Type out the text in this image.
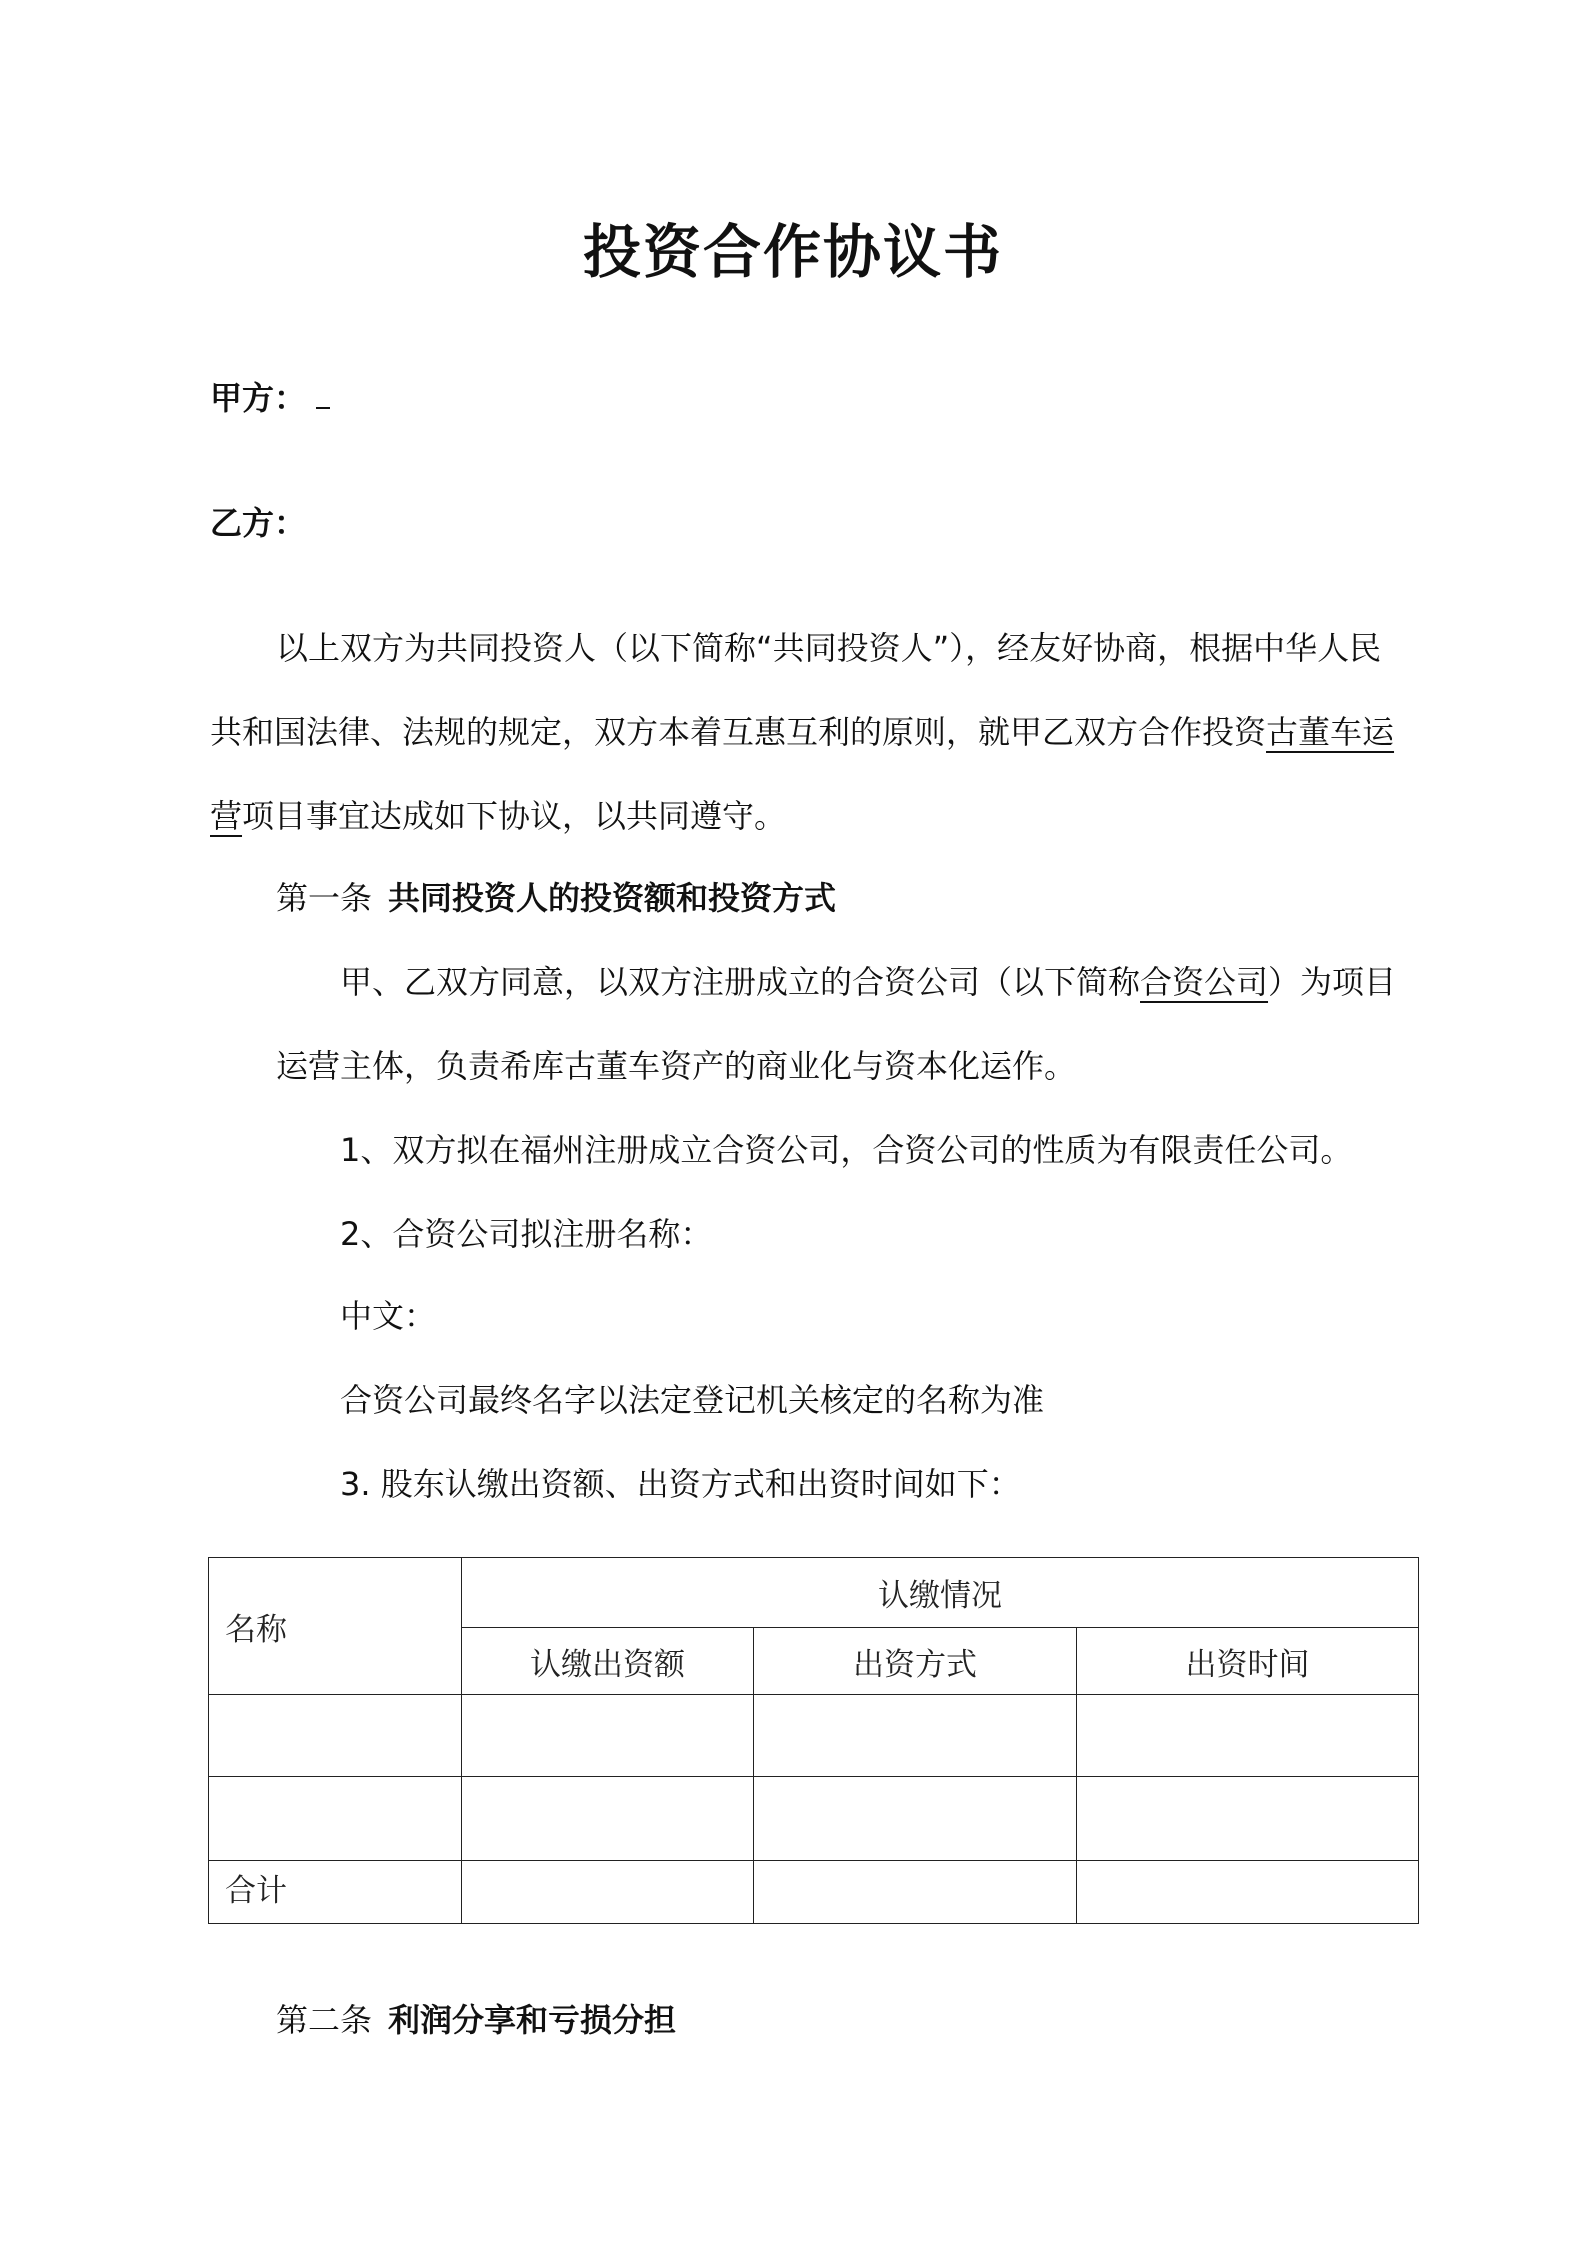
投资合作协议书
甲方：
乙方：
以上双方为共同投资人（以下简称“共同投资人”），经友好协商，根据中华人民
共和国法律、法规的规定，双方本着互惠互利的原则，就甲乙双方合作投资古董车运
营项目事宜达成如下协议，以共同遵守。
第一条 共同投资人的投资额和投资方式
甲、乙双方同意，以双方注册成立的合资公司（以下简称合资公司）为项目
运营主体，负责希库古董车资产的商业化与资本化运作。
1、双方拟在福州注册成立合资公司，合资公司的性质为有限责任公司。
2、合资公司拟注册名称：
中文：
合资公司最终名字以法定登记机关核定的名称为准
3. 股东认缴出资额、出资方式和出资时间如下：
名称	认缴情况		
	认缴出资额	出资方式	出资时间

合计			
第二条 利润分享和亏损分担
